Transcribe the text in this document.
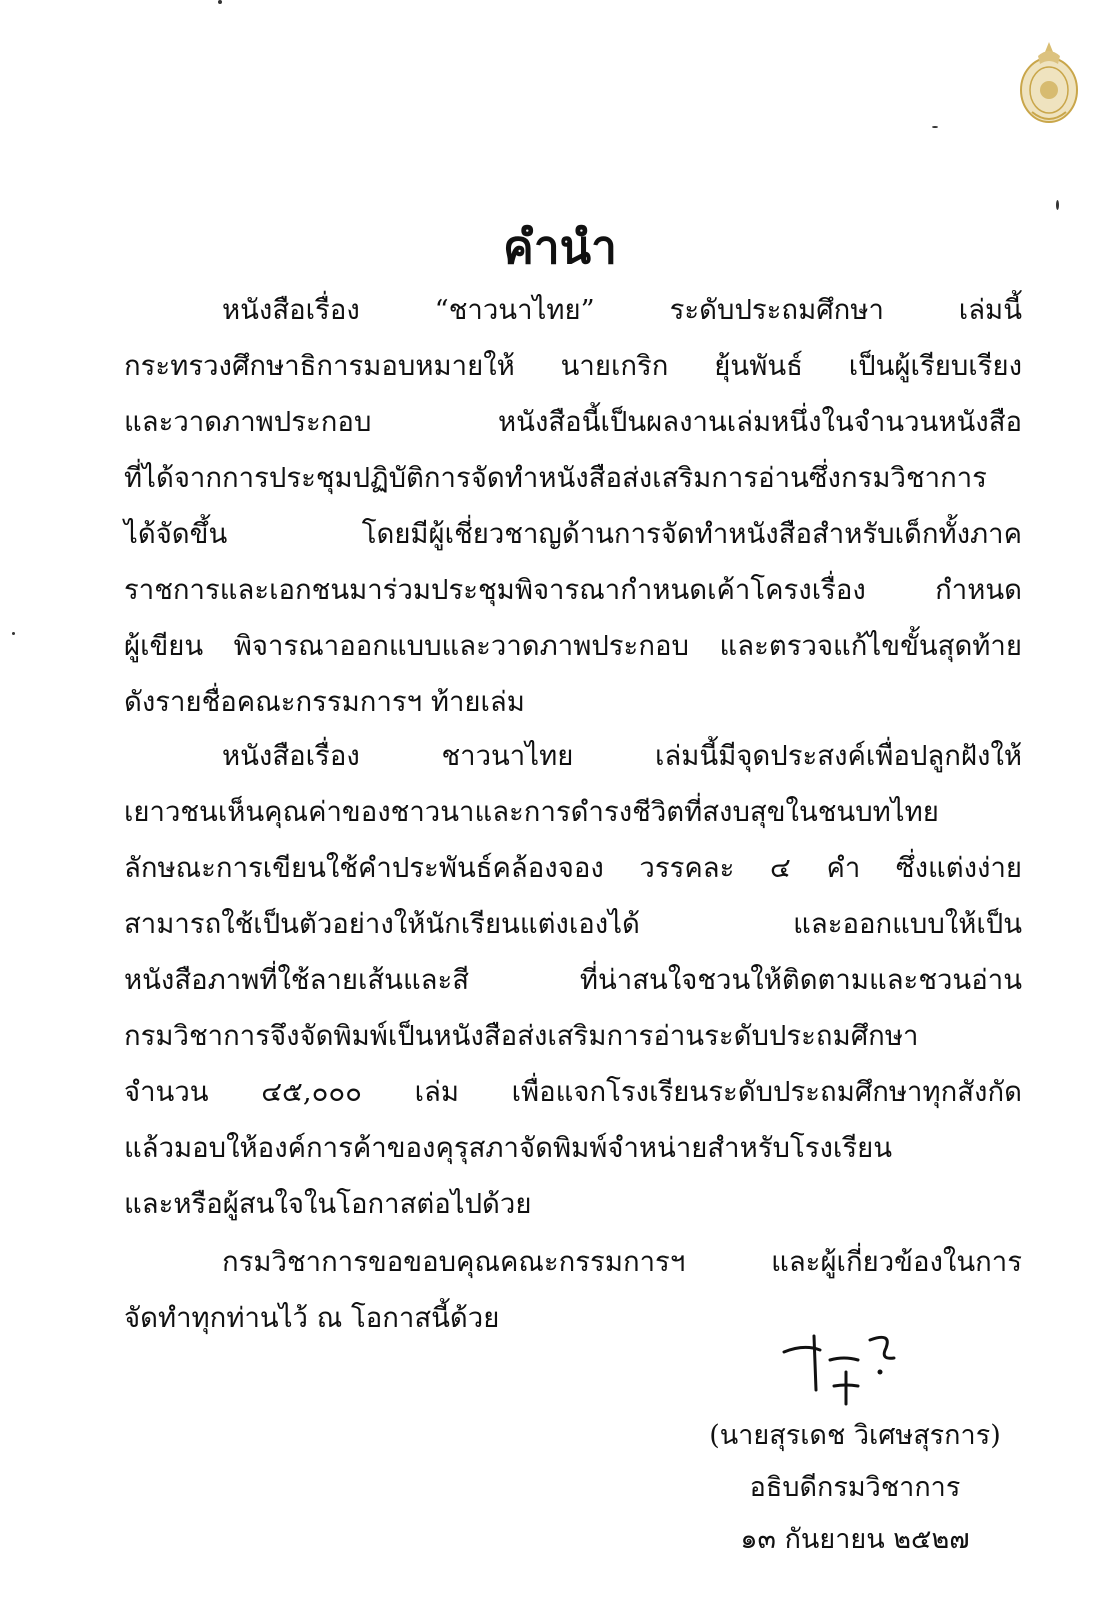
คำนำ
หนังสือเรื่อง “ชาวนาไทย” ระดับประถมศึกษา เล่มนี้
กระทรวงศึกษาธิการมอบหมายให้ นายเกริก ยุ้นพันธ์ เป็นผู้เรียบเรียง
และวาดภาพประกอบ หนังสือนี้เป็นผลงานเล่มหนึ่งในจำนวนหนังสือ
ที่ได้จากการประชุมปฏิบัติการจัดทำหนังสือส่งเสริมการอ่านซึ่งกรมวิชาการ
ได้จัดขึ้น โดยมีผู้เชี่ยวชาญด้านการจัดทำหนังสือสำหรับเด็กทั้งภาค
ราชการและเอกชนมาร่วมประชุมพิจารณากำหนดเค้าโครงเรื่อง กำหนด
ผู้เขียน พิจารณาออกแบบและวาดภาพประกอบ และตรวจแก้ไขขั้นสุดท้าย
ดังรายชื่อคณะกรรมการฯ ท้ายเล่ม
หนังสือเรื่อง ชาวนาไทย เล่มนี้มีจุดประสงค์เพื่อปลูกฝังให้
เยาวชนเห็นคุณค่าของชาวนาและการดำรงชีวิตที่สงบสุขในชนบทไทย
ลักษณะการเขียนใช้คำประพันธ์คล้องจอง วรรคละ ๔ คำ ซึ่งแต่งง่าย
สามารถใช้เป็นตัวอย่างให้นักเรียนแต่งเองได้ และออกแบบให้เป็น
หนังสือภาพที่ใช้ลายเส้นและสี ที่น่าสนใจชวนให้ติดตามและชวนอ่าน
กรมวิชาการจึงจัดพิมพ์เป็นหนังสือส่งเสริมการอ่านระดับประถมศึกษา
จำนวน ๔๕,๐๐๐ เล่ม เพื่อแจกโรงเรียนระดับประถมศึกษาทุกสังกัด
แล้วมอบให้องค์การค้าของคุรุสภาจัดพิมพ์จำหน่ายสำหรับโรงเรียน
และหรือผู้สนใจในโอกาสต่อไปด้วย
กรมวิชาการขอขอบคุณคณะกรรมการฯ และผู้เกี่ยวข้องในการ
จัดทำทุกท่านไว้ ณ โอกาสนี้ด้วย
(นายสุรเดช วิเศษสุรการ)
อธิบดีกรมวิชาการ
๑๓ กันยายน ๒๕๒๗
